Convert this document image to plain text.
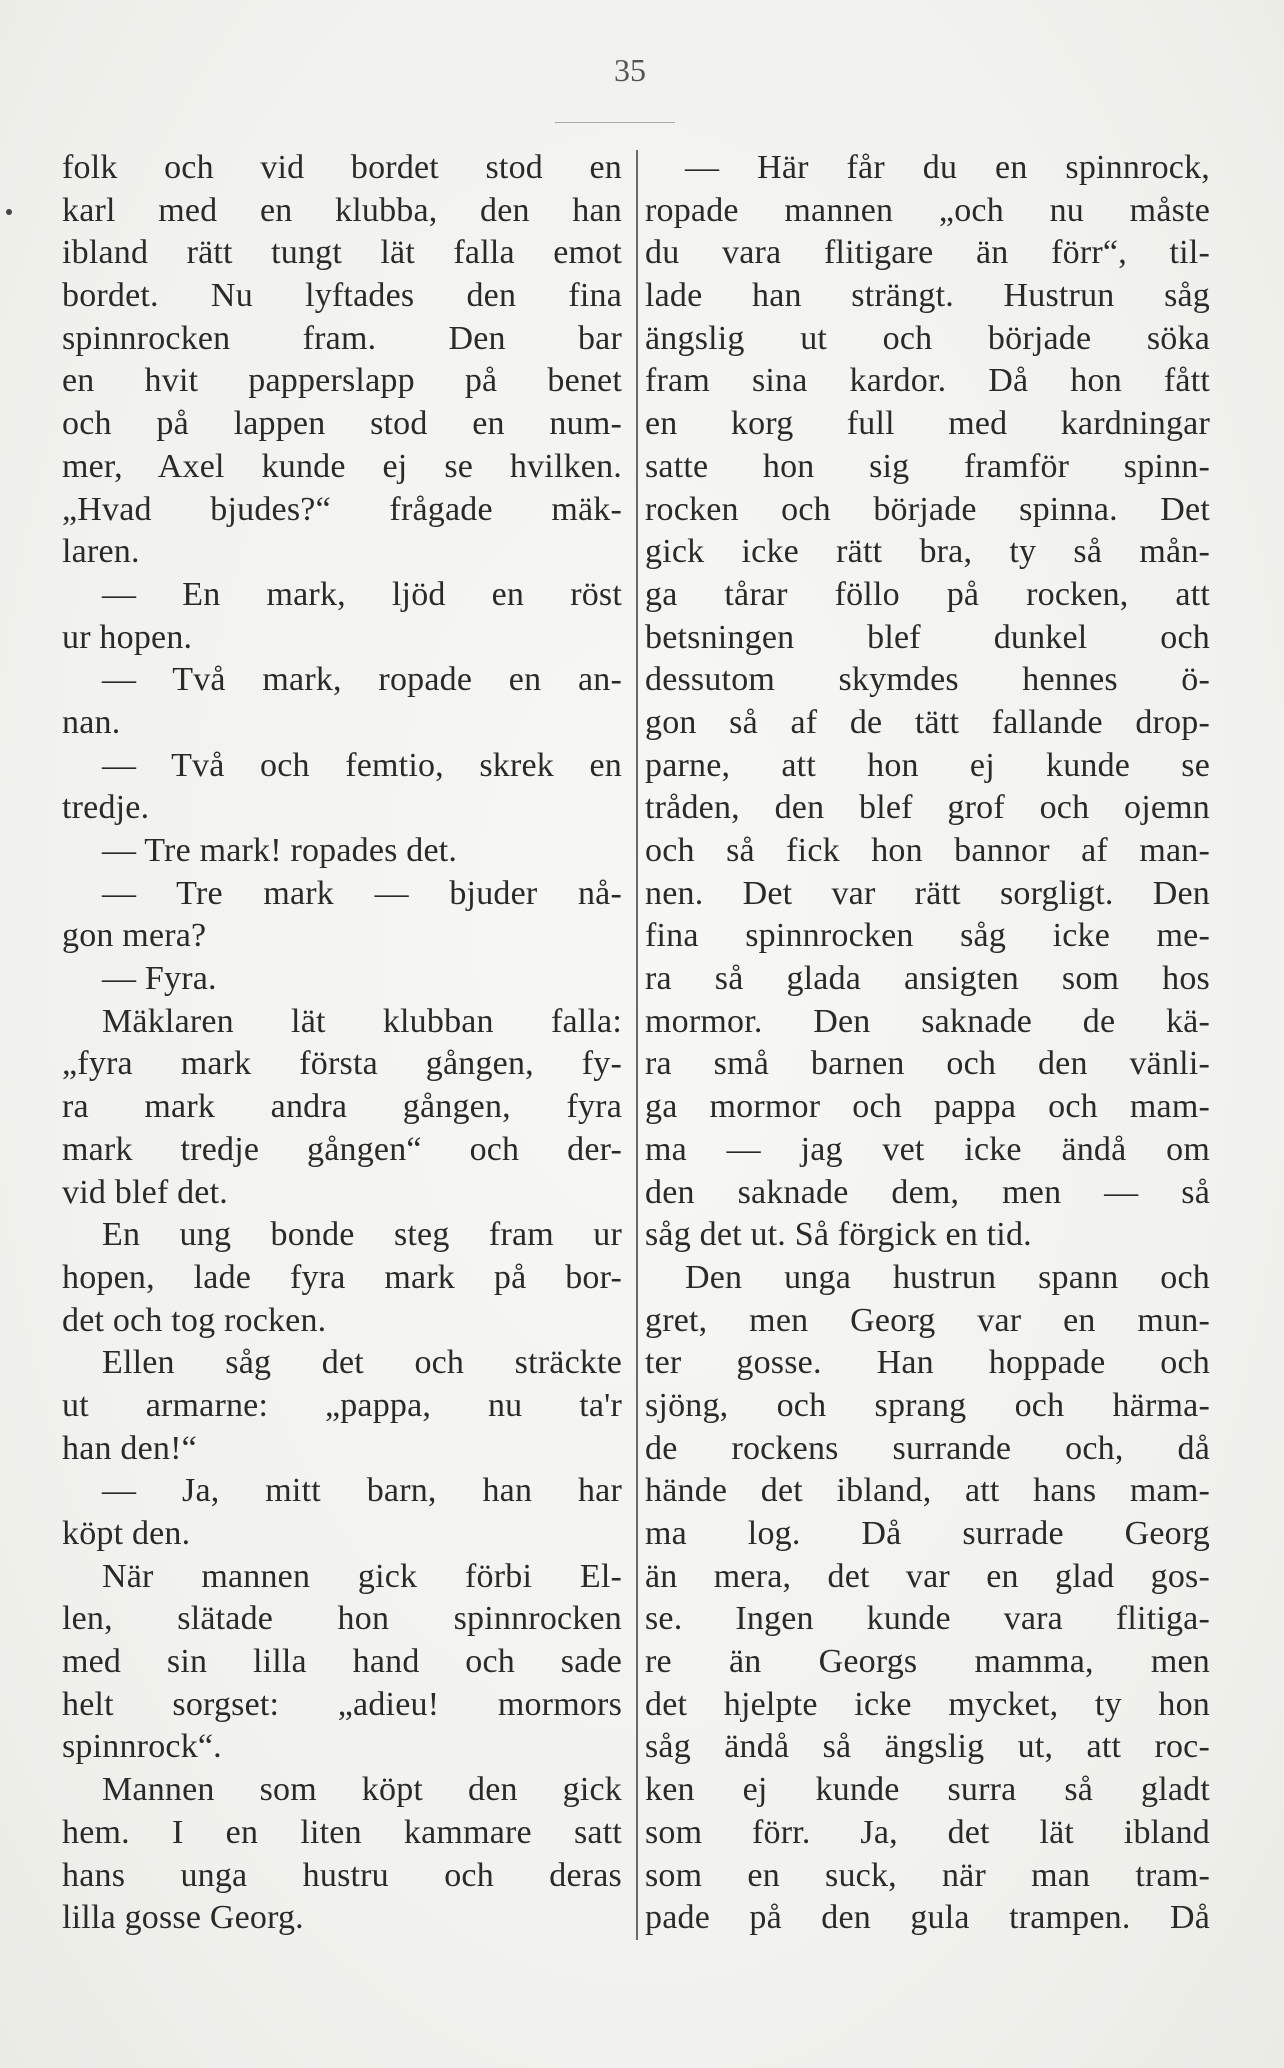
35
folk och vid bordet stod en
karl med en klubba, den han
ibland rätt tungt lät falla emot
bordet. Nu lyftades den fina
spinnrocken fram. Den bar
en hvit papperslapp på benet
och på lappen stod en num-
mer, Axel kunde ej se hvilken.
„Hvad bjudes?“ frågade mäk-
laren.
— En mark, ljöd en röst
ur hopen.
— Två mark, ropade en an-
nan.
— Två och femtio, skrek en
tredje.
— Tre mark! ropades det.
— Tre mark — bjuder nå-
gon mera?
— Fyra.
Mäklaren lät klubban falla:
„fyra mark första gången, fy-
ra mark andra gången, fyra
mark tredje gången“ och der-
vid blef det.
En ung bonde steg fram ur
hopen, lade fyra mark på bor-
det och tog rocken.
Ellen såg det och sträckte
ut armarne: „pappa, nu ta'r
han den!“
— Ja, mitt barn, han har
köpt den.
När mannen gick förbi El-
len, slätade hon spinnrocken
med sin lilla hand och sade
helt sorgset: „adieu! mormors
spinnrock“.
Mannen som köpt den gick
hem. I en liten kammare satt
hans unga hustru och deras
lilla gosse Georg.
— Här får du en spinnrock,
ropade mannen „och nu måste
du vara flitigare än förr“, til-
lade han strängt. Hustrun såg
ängslig ut och började söka
fram sina kardor. Då hon fått
en korg full med kardningar
satte hon sig framför spinn-
rocken och började spinna. Det
gick icke rätt bra, ty så mån-
ga tårar föllo på rocken, att
betsningen blef dunkel och
dessutom skymdes hennes ö-
gon så af de tätt fallande drop-
parne, att hon ej kunde se
tråden, den blef grof och ojemn
och så fick hon bannor af man-
nen. Det var rätt sorgligt. Den
fina spinnrocken såg icke me-
ra så glada ansigten som hos
mormor. Den saknade de kä-
ra små barnen och den vänli-
ga mormor och pappa och mam-
ma — jag vet icke ändå om
den saknade dem, men — så
såg det ut. Så förgick en tid.
Den unga hustrun spann och
gret, men Georg var en mun-
ter gosse. Han hoppade och
sjöng, och sprang och härma-
de rockens surrande och, då
hände det ibland, att hans mam-
ma log. Då surrade Georg
än mera, det var en glad gos-
se. Ingen kunde vara flitiga-
re än Georgs mamma, men
det hjelpte icke mycket, ty hon
såg ändå så ängslig ut, att roc-
ken ej kunde surra så gladt
som förr. Ja, det lät ibland
som en suck, när man tram-
pade på den gula trampen. Då
